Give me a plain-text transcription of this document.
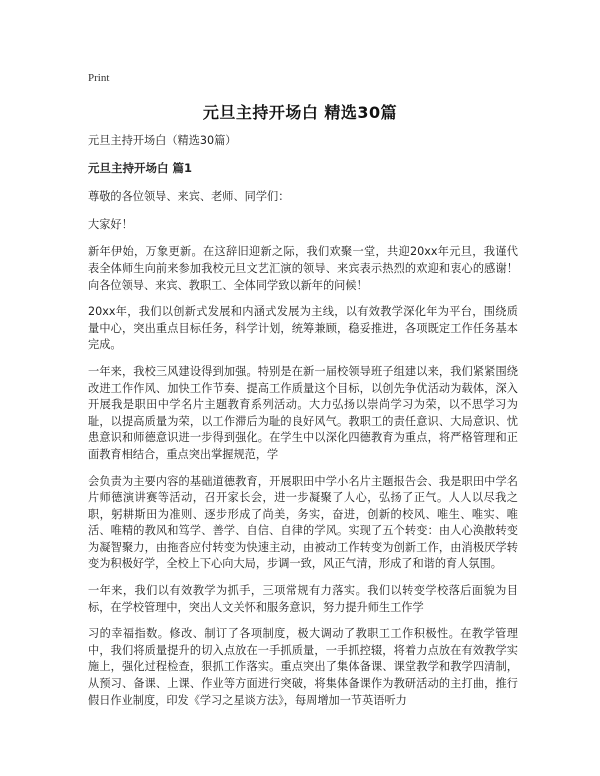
Print
元旦主持开场白 精选30篇

元旦主持开场白（精选30篇）

元旦主持开场白 篇1

尊敬的各位领导、来宾、老师、同学们：

大家好！

新年伊始，万象更新。在这辞旧迎新之际，我们欢聚一堂，共迎20xx年元旦，我谨代表全体师生向前来参加我校元旦文艺汇演的领导、来宾表示热烈的欢迎和衷心的感谢！向各位领导、来宾、教职工、全体同学致以新年的问候！

20xx年，我们以创新式发展和内涵式发展为主线，以有效教学深化年为平台，围绕质量中心，突出重点目标任务，科学计划，统筹兼顾，稳妥推进，各项既定工作任务基本完成。

一年来，我校三风建设得到加强。特别是在新一届校领导班子组建以来，我们紧紧围绕改进工作作风、加快工作节奏、提高工作质量这个目标，以创先争优活动为载体，深入开展我是职田中学名片主题教育系列活动。大力弘扬以崇尚学习为荣，以不思学习为耻，以提高质量为荣，以工作滞后为耻的良好风气。教职工的责任意识、大局意识、忧患意识和师德意识进一步得到强化。在学生中以深化四德教育为重点，将严格管理和正面教育相结合，重点突出掌握规范，学

会负责为主要内容的基础道德教育，开展职田中学小名片主题报告会、我是职田中学名片师德演讲赛等活动，召开家长会，进一步凝聚了人心，弘扬了正气。人人以尽我之职，躬耕斯田为准则、逐步形成了尚美，务实，奋进，创新的校风、唯生、唯实、唯活、唯精的教风和笃学、善学、自信、自律的学风。实现了五个转变：由人心涣散转变为凝智聚力，由拖沓应付转变为快速主动，由被动工作转变为创新工作，由消极厌学转变为积极好学，全校上下心向大局，步调一致，风正气清，形成了和谐的育人氛围。

一年来，我们以有效教学为抓手，三项常规有力落实。我们以转变学校落后面貌为目标，在学校管理中，突出人文关怀和服务意识，努力提升师生工作学

习的幸福指数。修改、制订了各项制度，极大调动了教职工工作积极性。在教学管理中，我们将质量提升的切入点放在一手抓质量，一手抓控辍，将着力点放在有效教学实施上，强化过程检查，狠抓工作落实。重点突出了集体备课、课堂教学和教学四清制，从预习、备课、上课、作业等方面进行突破，将集体备课作为教研活动的主打曲，推行假日作业制度，印发《学习之星谈方法》，每周增加一节英语听力
